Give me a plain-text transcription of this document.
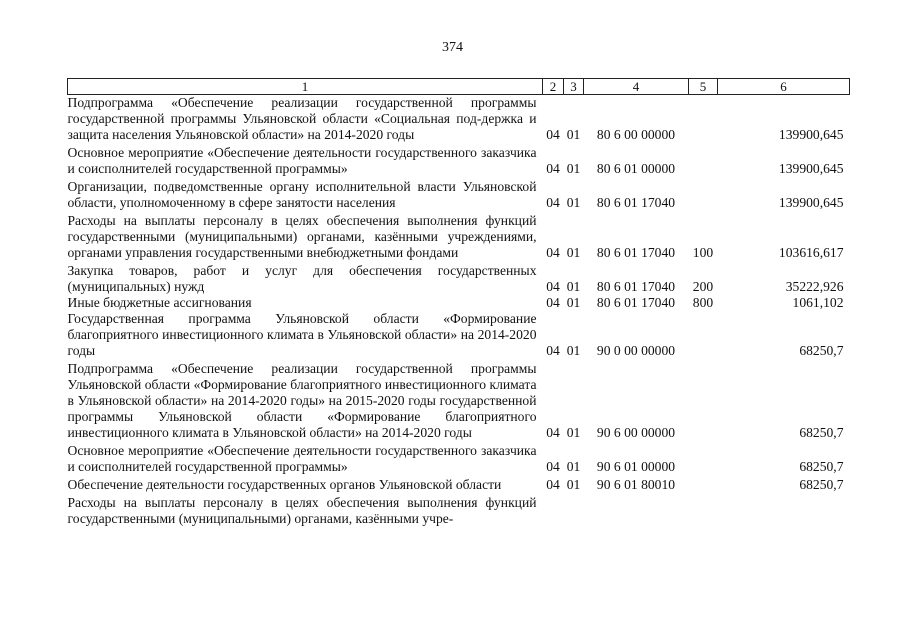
374
1	2	3	4	5	6
Подпрограмма «Обеспечение реализации государственной программы государственной программы Ульяновской области «Социальная под-держка и защита населения Ульяновской области» на 2014-2020 годы	04	01	80 6 00 00000		139900,645
Основное мероприятие «Обеспечение деятельности государственного заказчика и соисполнителей государственной программы»	04	01	80 6 01 00000		139900,645
Организации, подведомственные органу исполнительной власти Ульяновской области, уполномоченному в сфере занятости населения	04	01	80 6 01 17040		139900,645
Расходы на выплаты персоналу в целях обеспечения выполнения функций государственными (муниципальными) органами, казёнными учреждениями, органами управления государственными внебюджетными фондами	04	01	80 6 01 17040	100	103616,617
Закупка товаров, работ и услуг для обеспечения государственных (муниципальных) нужд	04	01	80 6 01 17040	200	35222,926
Иные бюджетные ассигнования	04	01	80 6 01 17040	800	1061,102
Государственная программа Ульяновской области «Формирование благоприятного инвестиционного климата в Ульяновской области» на 2014-2020 годы	04	01	90 0 00 00000		68250,7
Подпрограмма «Обеспечение реализации государственной программы Ульяновской области «Формирование благоприятного инвестиционного климата в Ульяновской области» на 2014-2020 годы» на 2015-2020 годы государственной программы Ульяновской области «Формирование благоприятного инвестиционного климата в Ульяновской области» на 2014-2020 годы	04	01	90 6 00 00000		68250,7
Основное мероприятие «Обеспечение деятельности государственного заказчика и соисполнителей государственной программы»	04	01	90 6 01 00000		68250,7
Обеспечение деятельности государственных органов Ульяновской области	04	01	90 6 01 80010		68250,7
Расходы на выплаты персоналу в целях обеспечения выполнения функций государственными (муниципальными) органами, казёнными учре-					
